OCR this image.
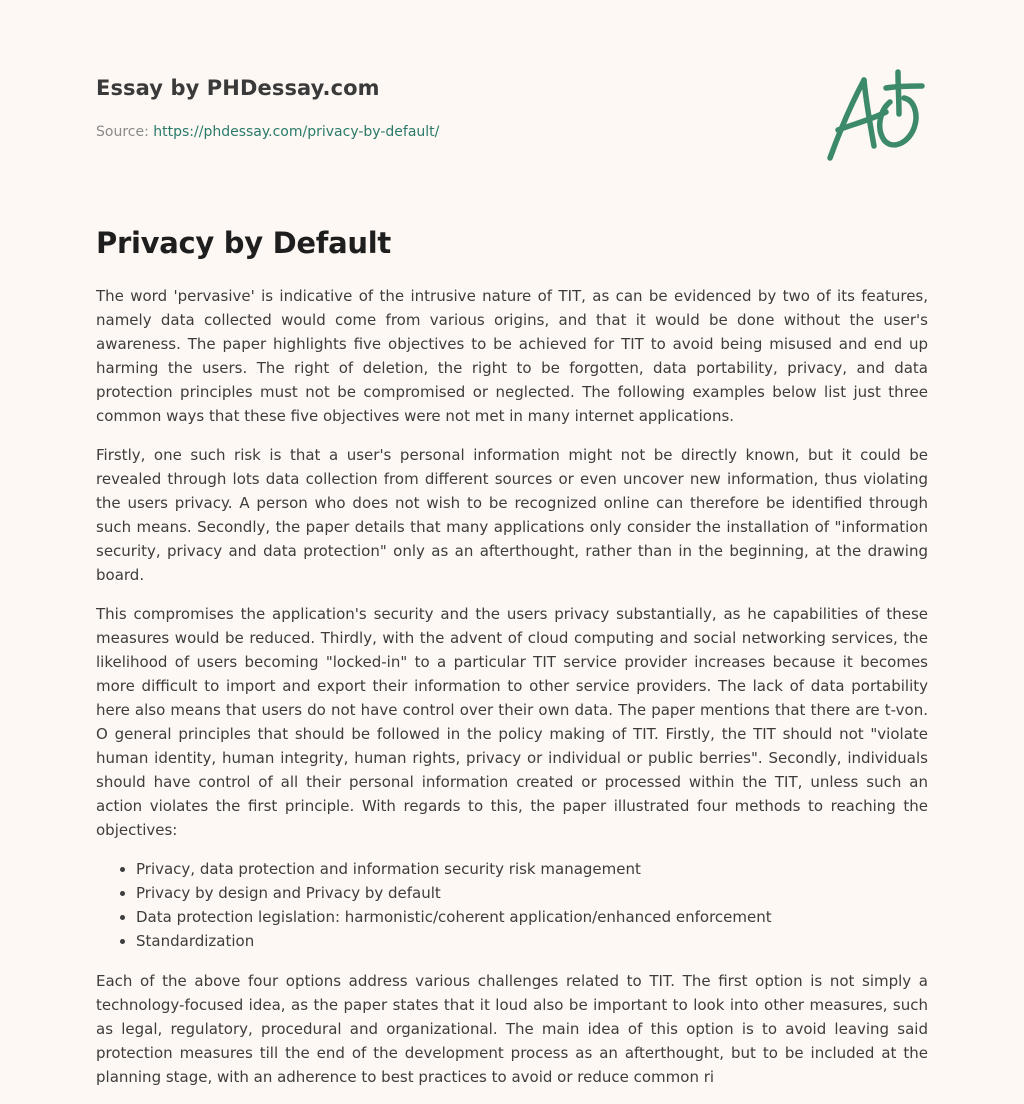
Essay by PHDessay.com
Source: https://phdessay.com/privacy-by-default/
Privacy by Default

The word 'pervasive' is indicative of the intrusive nature of TIT, as can be evidenced by two of its features, namely data collected would come from various origins, and that it would be done without the user's awareness. The paper highlights five objectives to be achieved for TIT to avoid being misused and end up harming the users. The right of deletion, the right to be forgotten, data portability, privacy, and data protection principles must not be compromised or neglected. The following examples below list just three common ways that these five objectives were not met in many internet applications.

Firstly, one such risk is that a user's personal information might not be directly known, but it could be revealed through lots data collection from different sources or even uncover new information, thus violating the users privacy. A person who does not wish to be recognized online can therefore be identified through such means. Secondly, the paper details that many applications only consider the installation of "information security, privacy and data protection" only as an afterthought, rather than in the beginning, at the drawing board.

This compromises the application's security and the users privacy substantially, as he capabilities of these measures would be reduced. Thirdly, with the advent of cloud computing and social networking services, the likelihood of users becoming "locked-in" to a particular TIT service provider increases because it becomes more difficult to import and export their information to other service providers. The lack of data portability here also means that users do not have control over their own data. The paper mentions that there are t-von. O general principles that should be followed in the policy making of TIT. Firstly, the TIT should not "violate human identity, human integrity, human rights, privacy or individual or public berries". Secondly, individuals should have control of all their personal information created or processed within the TIT, unless such an action violates the first principle. With regards to this, the paper illustrated four methods to reaching the objectives:

• Privacy, data protection and information security risk management
• Privacy by design and Privacy by default
• Data protection legislation: harmonistic/coherent application/enhanced enforcement
• Standardization

Each of the above four options address various challenges related to TIT. The first option is not simply a technology-focused idea, as the paper states that it loud also be important to look into other measures, such as legal, regulatory, procedural and organizational. The main idea of this option is to avoid leaving said protection measures till the end of the development process as an afterthought, but to be included at the planning stage, with an adherence to best practices to avoid or reduce common ri
